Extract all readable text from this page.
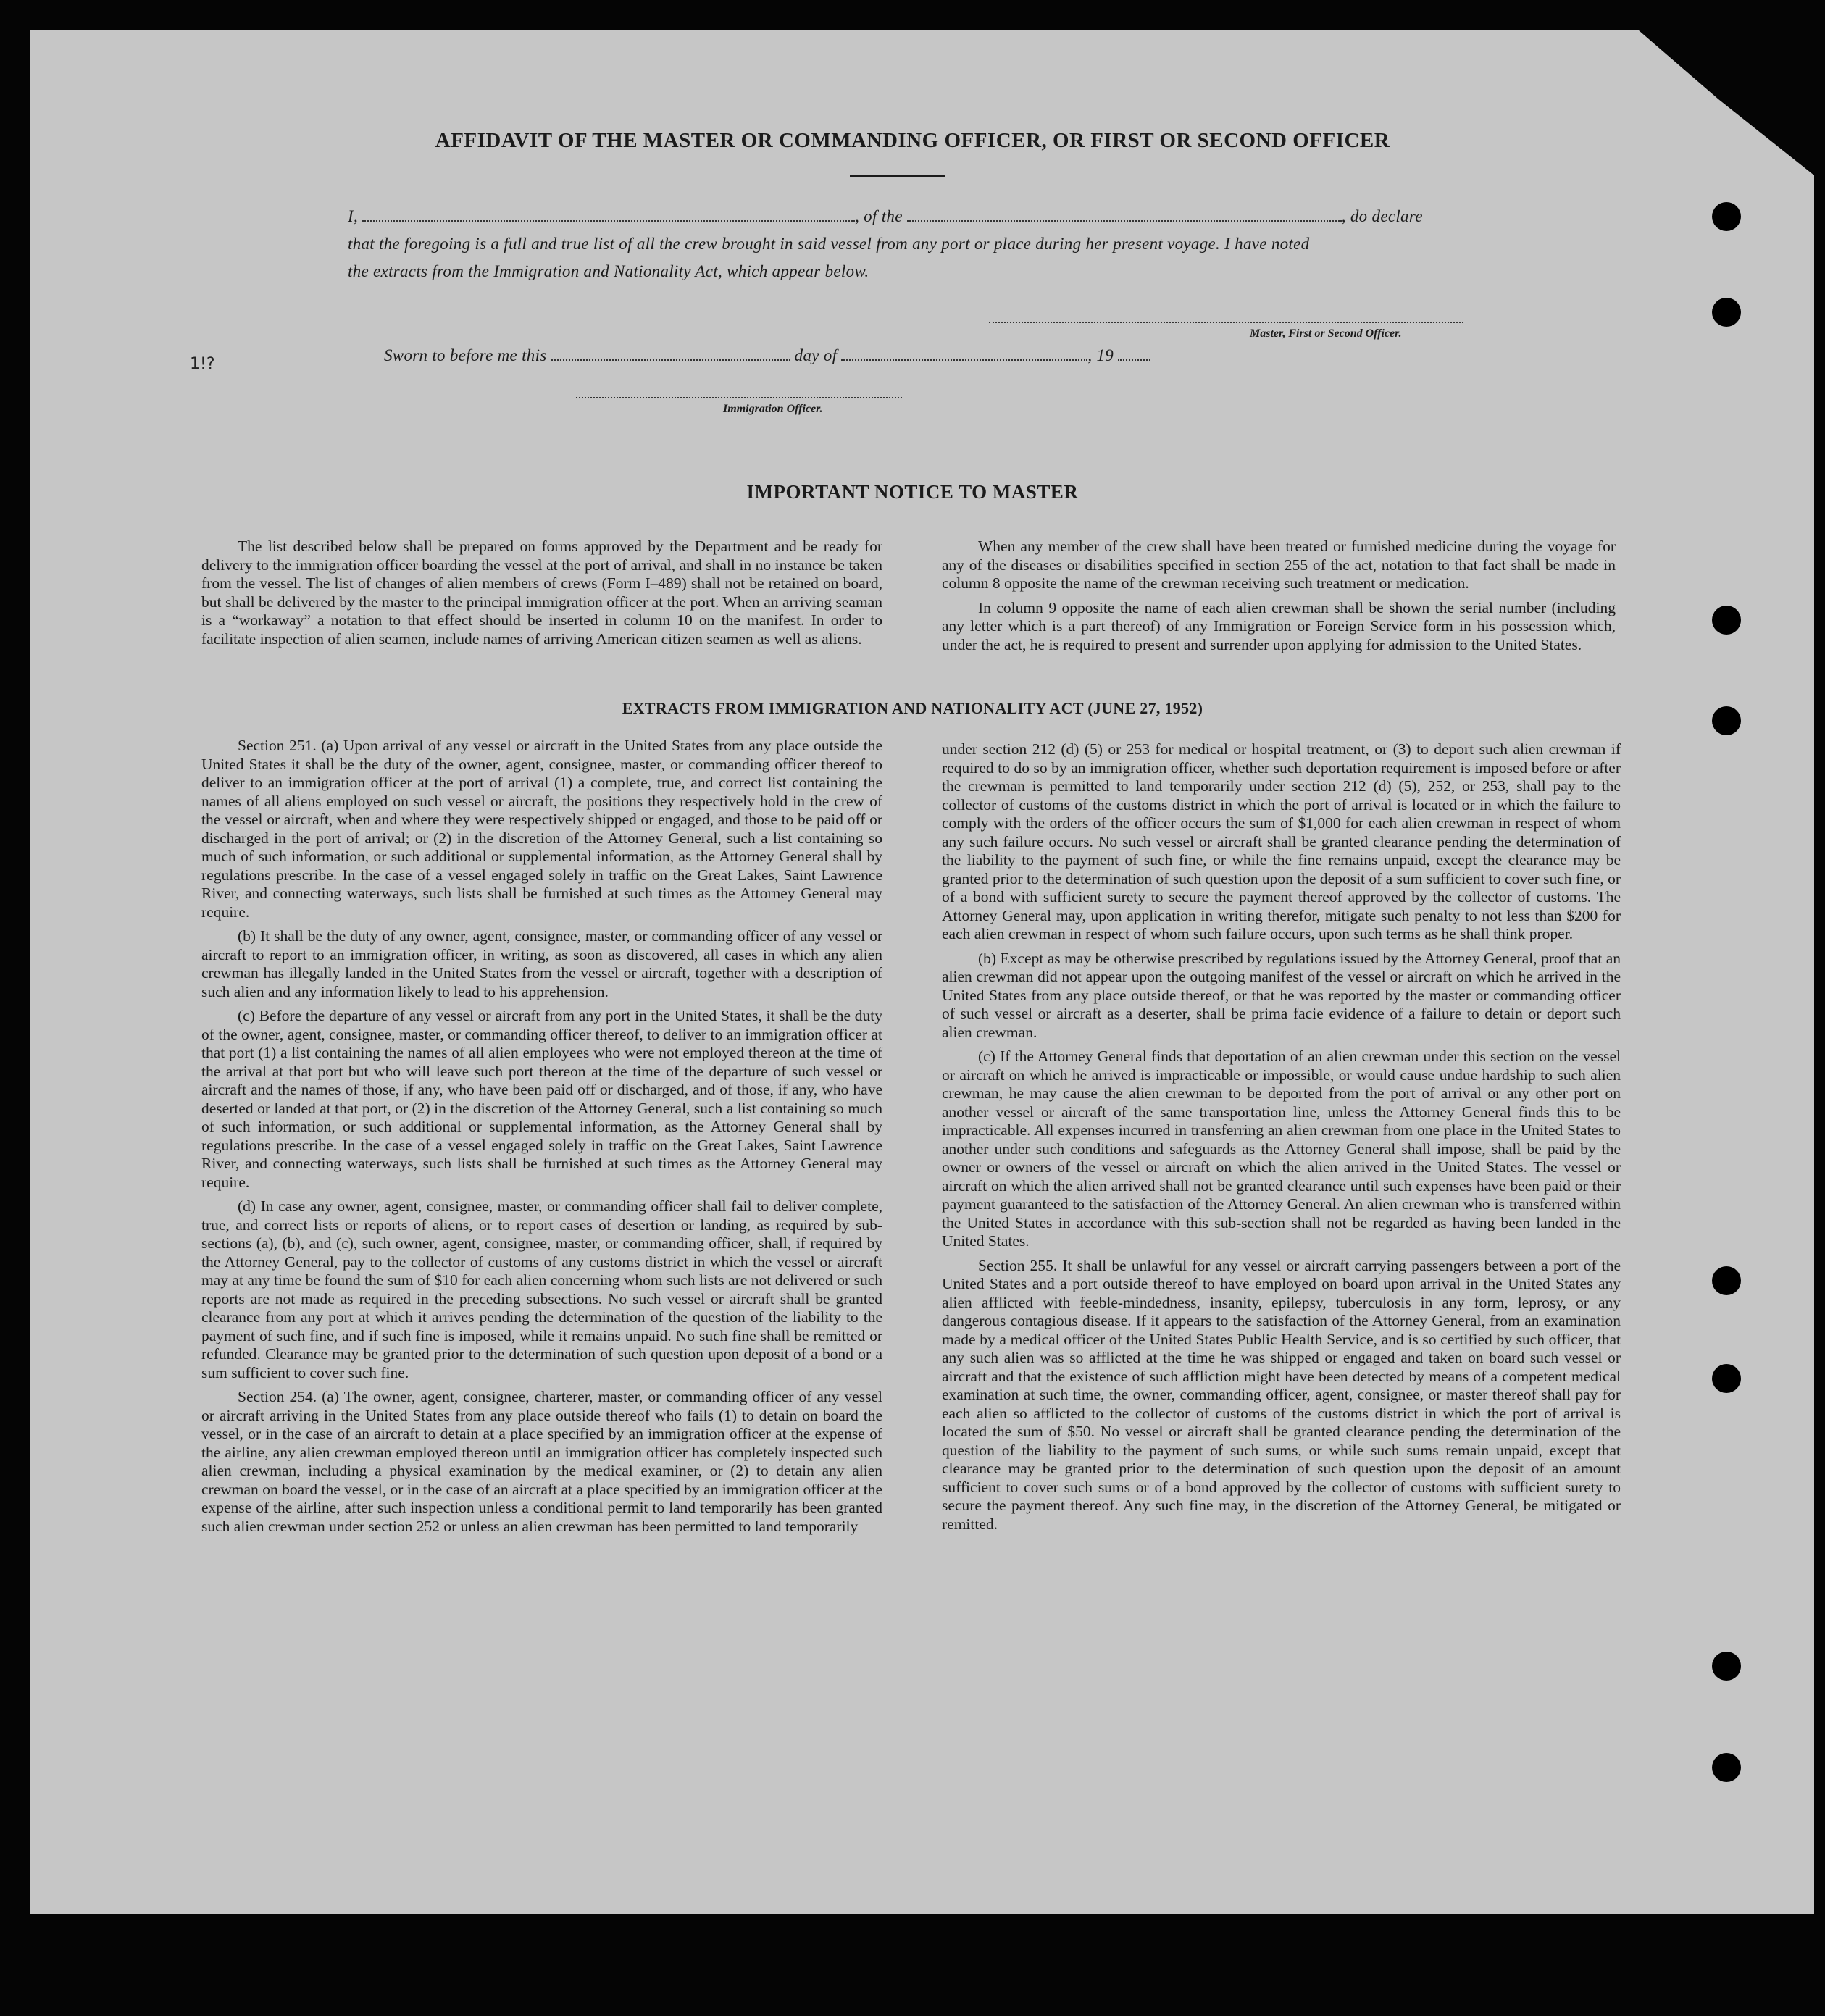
AFFIDAVIT OF THE MASTER OR COMMANDING OFFICER, OR FIRST OR SECOND OFFICER
I,	, of the	, do declare
that the foregoing is a full and true list of all the crew brought in said vessel from any port or place during her present voyage. I have noted
the extracts from the Immigration and Nationality Act, which appear below.
Master, First or Second Officer.
Sworn to before me this	day of	, 19
Immigration Officer.
1!?
IMPORTANT NOTICE TO MASTER

The list described below shall be prepared on forms approved by the Department and be ready for delivery to the immigration officer boarding the vessel at the port of arrival, and shall in no instance be taken from the vessel. The list of changes of alien members of crews (Form I–489) shall not be retained on board, but shall be delivered by the master to the principal immigration officer at the port. When an arriving seaman is a “workaway” a notation to that effect should be inserted in column 10 on the manifest. In order to facilitate inspection of alien seamen, include names of arriving American citizen seamen as well as aliens.

When any member of the crew shall have been treated or furnished medicine during the voyage for any of the diseases or disabilities specified in section 255 of the act, notation to that fact shall be made in column 8 opposite the name of the crewman receiving such treatment or medication.

In column 9 opposite the name of each alien crewman shall be shown the serial number (including any letter which is a part thereof) of any Immigration or Foreign Service form in his possession which, under the act, he is required to present and surrender upon applying for admission to the United States.

EXTRACTS FROM IMMIGRATION AND NATIONALITY ACT (JUNE 27, 1952)

Section 251. (a) Upon arrival of any vessel or aircraft in the United States from any place outside the United States it shall be the duty of the owner, agent, consignee, master, or commanding officer thereof to deliver to an immigration officer at the port of arrival (1) a complete, true, and correct list containing the names of all aliens employed on such vessel or aircraft, the positions they respectively hold in the crew of the vessel or aircraft, when and where they were respectively shipped or engaged, and those to be paid off or discharged in the port of arrival; or (2) in the discretion of the Attorney General, such a list containing so much of such information, or such additional or supplemental information, as the Attorney General shall by regulations prescribe. In the case of a vessel engaged solely in traffic on the Great Lakes, Saint Lawrence River, and connecting waterways, such lists shall be furnished at such times as the Attorney General may require.

(b) It shall be the duty of any owner, agent, consignee, master, or commanding officer of any vessel or aircraft to report to an immigration officer, in writing, as soon as discovered, all cases in which any alien crewman has illegally landed in the United States from the vessel or aircraft, together with a description of such alien and any information likely to lead to his apprehension.

(c) Before the departure of any vessel or aircraft from any port in the United States, it shall be the duty of the owner, agent, consignee, master, or commanding officer thereof, to deliver to an immigration officer at that port (1) a list containing the names of all alien employees who were not employed thereon at the time of the arrival at that port but who will leave such port thereon at the time of the departure of such vessel or aircraft and the names of those, if any, who have been paid off or discharged, and of those, if any, who have deserted or landed at that port, or (2) in the discretion of the Attorney General, such a list containing so much of such information, or such additional or supplemental information, as the Attorney General shall by regulations prescribe. In the case of a vessel engaged solely in traffic on the Great Lakes, Saint Lawrence River, and connecting waterways, such lists shall be furnished at such times as the Attorney General may require.

(d) In case any owner, agent, consignee, master, or commanding officer shall fail to deliver complete, true, and correct lists or reports of aliens, or to report cases of desertion or landing, as required by sub-sections (a), (b), and (c), such owner, agent, consignee, master, or commanding officer, shall, if required by the Attorney General, pay to the collector of customs of any customs district in which the vessel or aircraft may at any time be found the sum of $10 for each alien concerning whom such lists are not delivered or such reports are not made as required in the preceding subsections. No such vessel or aircraft shall be granted clearance from any port at which it arrives pending the determination of the question of the liability to the payment of such fine, and if such fine is imposed, while it remains unpaid. No such fine shall be remitted or refunded. Clearance may be granted prior to the determination of such question upon deposit of a bond or a sum sufficient to cover such fine.

Section 254. (a) The owner, agent, consignee, charterer, master, or commanding officer of any vessel or aircraft arriving in the United States from any place outside thereof who fails (1) to detain on board the vessel, or in the case of an aircraft to detain at a place specified by an immigration officer at the expense of the airline, any alien crewman employed thereon until an immigration officer has completely inspected such alien crewman, including a physical examination by the medical examiner, or (2) to detain any alien crewman on board the vessel, or in the case of an aircraft at a place specified by an immigration officer at the expense of the airline, after such inspection unless a conditional permit to land temporarily has been granted such alien crewman under section 252 or unless an alien crewman has been permitted to land temporarily

under section 212 (d) (5) or 253 for medical or hospital treatment, or (3) to deport such alien crewman if required to do so by an immigration officer, whether such deportation requirement is imposed before or after the crewman is permitted to land temporarily under section 212 (d) (5), 252, or 253, shall pay to the collector of customs of the customs district in which the port of arrival is located or in which the failure to comply with the orders of the officer occurs the sum of $1,000 for each alien crewman in respect of whom any such failure occurs. No such vessel or aircraft shall be granted clearance pending the determination of the liability to the payment of such fine, or while the fine remains unpaid, except the clearance may be granted prior to the determination of such question upon the deposit of a sum sufficient to cover such fine, or of a bond with sufficient surety to secure the payment thereof approved by the collector of customs. The Attorney General may, upon application in writing therefor, mitigate such penalty to not less than $200 for each alien crewman in respect of whom such failure occurs, upon such terms as he shall think proper.

(b) Except as may be otherwise prescribed by regulations issued by the Attorney General, proof that an alien crewman did not appear upon the outgoing manifest of the vessel or aircraft on which he arrived in the United States from any place outside thereof, or that he was reported by the master or commanding officer of such vessel or aircraft as a deserter, shall be prima facie evidence of a failure to detain or deport such alien crewman.

(c) If the Attorney General finds that deportation of an alien crewman under this section on the vessel or aircraft on which he arrived is impracticable or impossible, or would cause undue hardship to such alien crewman, he may cause the alien crewman to be deported from the port of arrival or any other port on another vessel or aircraft of the same transportation line, unless the Attorney General finds this to be impracticable. All expenses incurred in transferring an alien crewman from one place in the United States to another under such conditions and safeguards as the Attorney General shall impose, shall be paid by the owner or owners of the vessel or aircraft on which the alien arrived in the United States. The vessel or aircraft on which the alien arrived shall not be granted clearance until such expenses have been paid or their payment guaranteed to the satisfaction of the Attorney General. An alien crewman who is transferred within the United States in accordance with this sub-section shall not be regarded as having been landed in the United States.

Section 255. It shall be unlawful for any vessel or aircraft carrying passengers between a port of the United States and a port outside thereof to have employed on board upon arrival in the United States any alien afflicted with feeble-mindedness, insanity, epilepsy, tuberculosis in any form, leprosy, or any dangerous contagious disease. If it appears to the satisfaction of the Attorney General, from an examination made by a medical officer of the United States Public Health Service, and is so certified by such officer, that any such alien was so afflicted at the time he was shipped or engaged and taken on board such vessel or aircraft and that the existence of such affliction might have been detected by means of a competent medical examination at such time, the owner, commanding officer, agent, consignee, or master thereof shall pay for each alien so afflicted to the collector of customs of the customs district in which the port of arrival is located the sum of $50. No vessel or aircraft shall be granted clearance pending the determination of the question of the liability to the payment of such sums, or while such sums remain unpaid, except that clearance may be granted prior to the determination of such question upon the deposit of an amount sufficient to cover such sums or of a bond approved by the collector of customs with sufficient surety to secure the payment thereof. Any such fine may, in the discretion of the Attorney General, be mitigated or remitted.
